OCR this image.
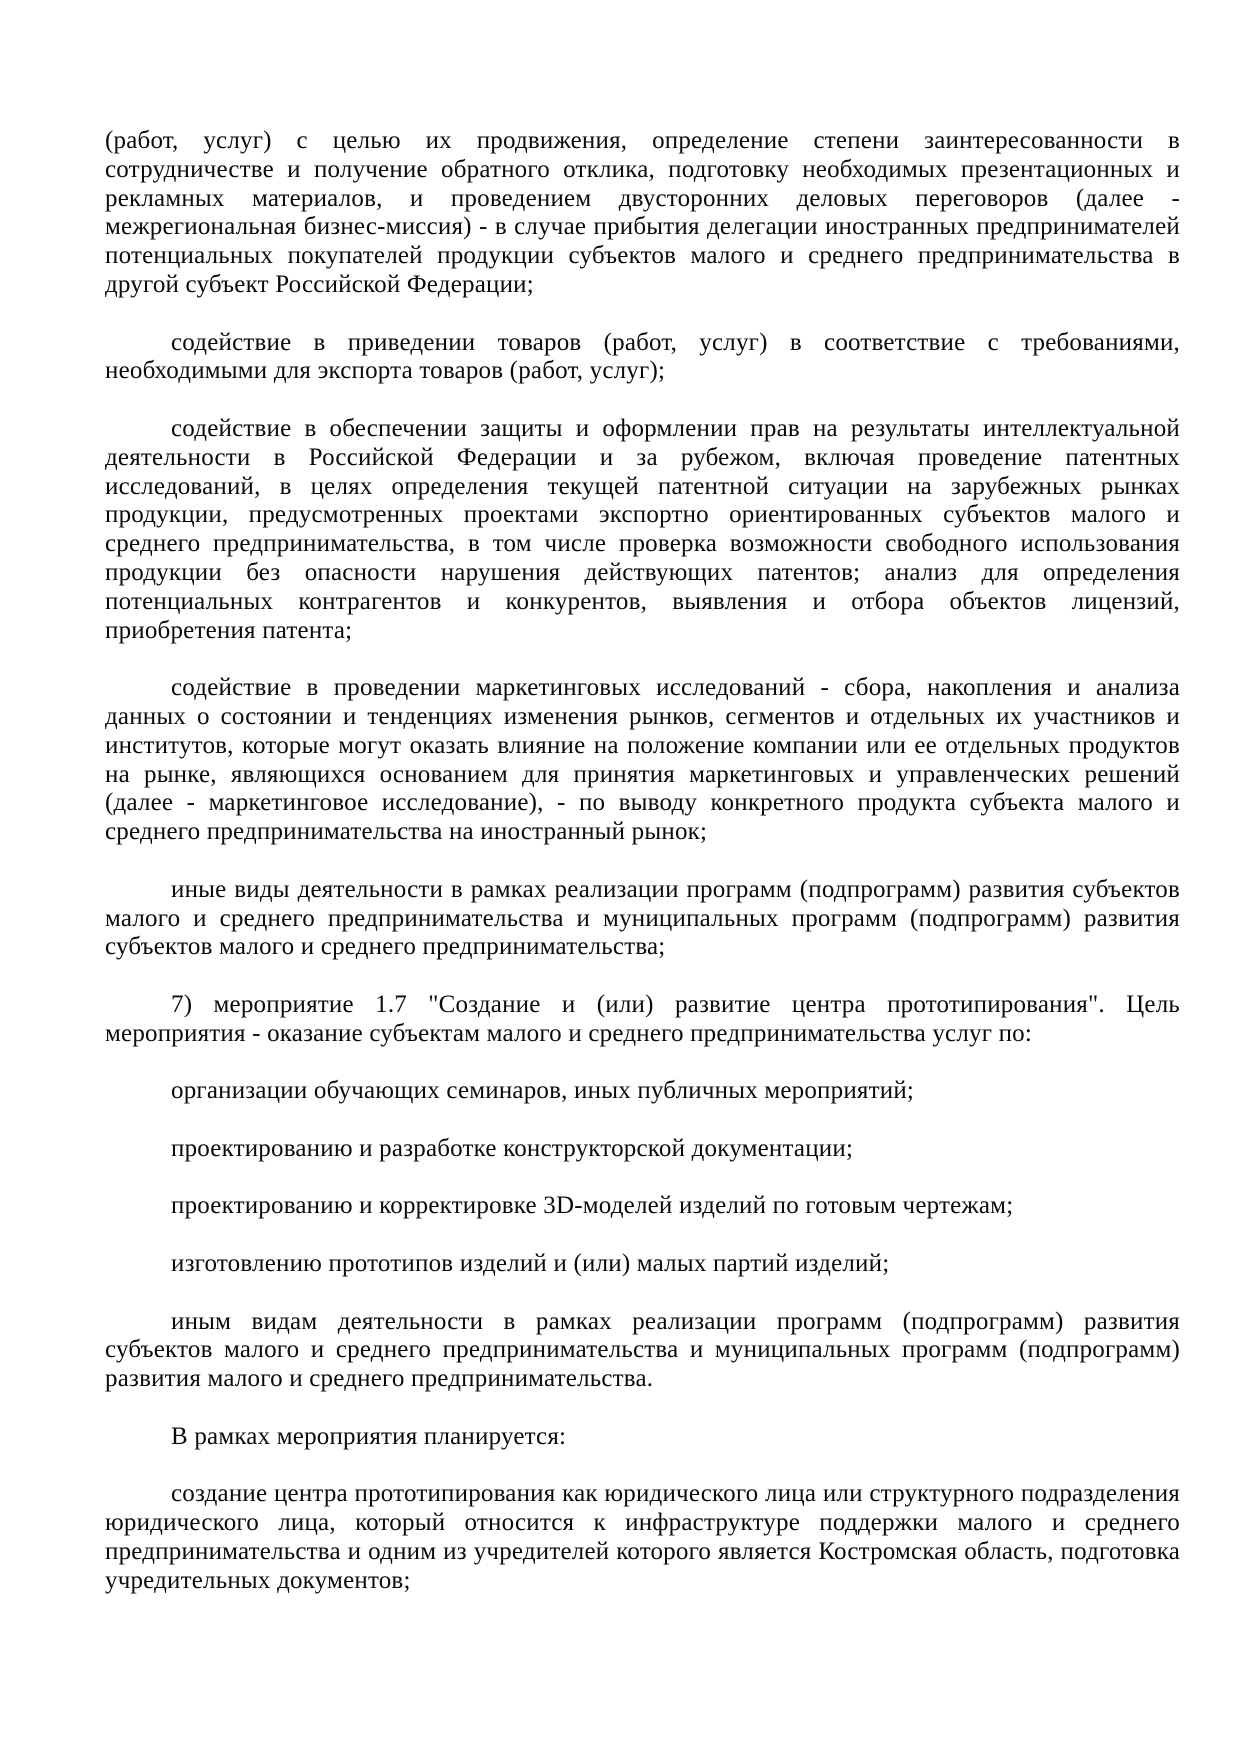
(работ, услуг) с целью их продвижения, определение степени заинтересованности в сотрудничестве и получение обратного отклика, подготовку необходимых презентационных и рекламных материалов, и проведением двусторонних деловых переговоров (далее - межрегиональная бизнес-миссия) - в случае прибытия делегации иностранных предпринимателей потенциальных покупателей продукции субъектов малого и среднего предпринимательства в другой субъект Российской Федерации;

содействие в приведении товаров (работ, услуг) в соответствие с требованиями, необходимыми для экспорта товаров (работ, услуг);

содействие в обеспечении защиты и оформлении прав на результаты интеллектуальной деятельности в Российской Федерации и за рубежом, включая проведение патентных исследований, в целях определения текущей патентной ситуации на зарубежных рынках продукции, предусмотренных проектами экспортно ориентированных субъектов малого и среднего предпринимательства, в том числе проверка возможности свободного использования продукции без опасности нарушения действующих патентов; анализ для определения потенциальных контрагентов и конкурентов, выявления и отбора объектов лицензий, приобретения патента;

содействие в проведении маркетинговых исследований - сбора, накопления и анализа данных о состоянии и тенденциях изменения рынков, сегментов и отдельных их участников и институтов, которые могут оказать влияние на положение компании или ее отдельных продуктов на рынке, являющихся основанием для принятия маркетинговых и управленческих решений (далее - маркетинговое исследование), - по выводу конкретного продукта субъекта малого и среднего предпринимательства на иностранный рынок;

иные виды деятельности в рамках реализации программ (подпрограмм) развития субъектов малого и среднего предпринимательства и муниципальных программ (подпрограмм) развития субъектов малого и среднего предпринимательства;

7) мероприятие 1.7 "Создание и (или) развитие центра прототипирования". Цель мероприятия - оказание субъектам малого и среднего предпринимательства услуг по:

организации обучающих семинаров, иных публичных мероприятий;

проектированию и разработке конструкторской документации;

проектированию и корректировке 3D-моделей изделий по готовым чертежам;

изготовлению прототипов изделий и (или) малых партий изделий;

иным видам деятельности в рамках реализации программ (подпрограмм) развития субъектов малого и среднего предпринимательства и муниципальных программ (подпрограмм) развития малого и среднего предпринимательства.

В рамках мероприятия планируется:

создание центра прототипирования как юридического лица или структурного подразделения юридического лица, который относится к инфраструктуре поддержки малого и среднего предпринимательства и одним из учредителей которого является Костромская область, подготовка учредительных документов;
